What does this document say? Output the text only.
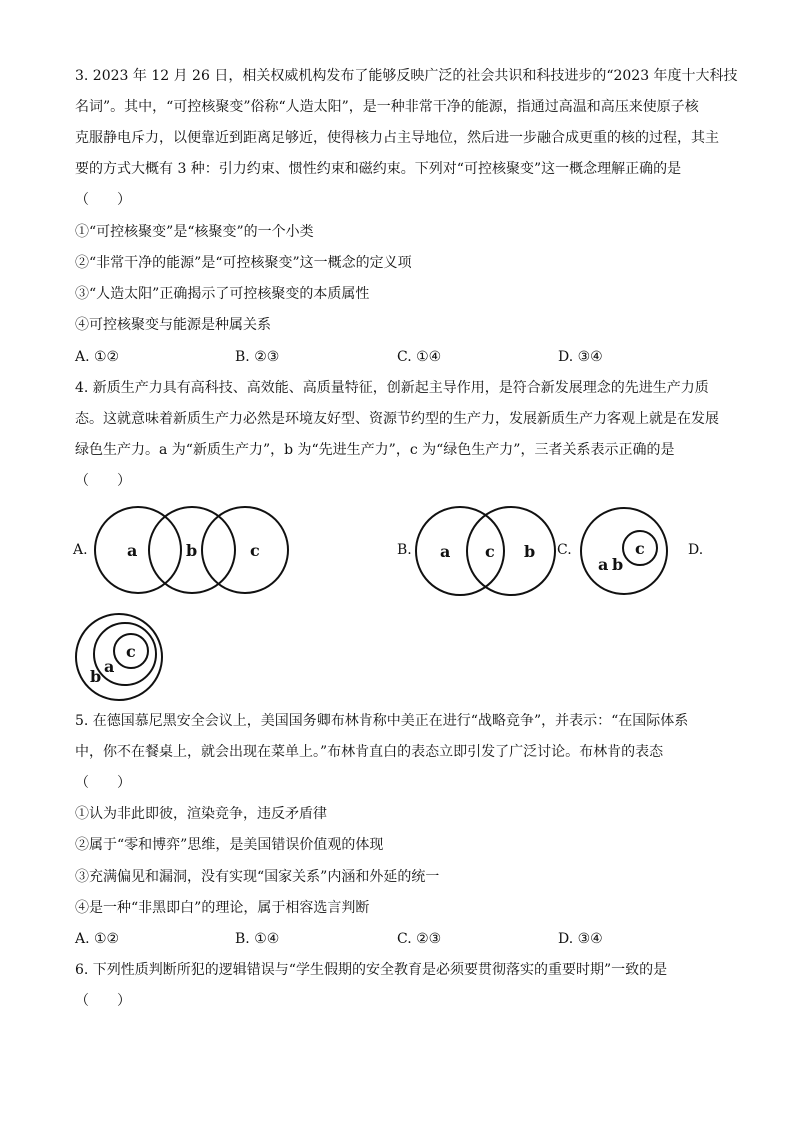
3. 2023 年 12 月 26 日，相关权威机构发布了能够反映广泛的社会共识和科技进步的“2023 年度十大科技
名词”。其中，“可控核聚变”俗称“人造太阳”，是一种非常干净的能源，指通过高温和高压来使原子核
克服静电斥力，以便靠近到距离足够近，使得核力占主导地位，然后进一步融合成更重的核的过程，其主
要的方式大概有 3 种：引力约束、惯性约束和磁约束。下列对“可控核聚变”这一概念理解正确的是
（　　）
①“可控核聚变”是“核聚变”的一个小类
②“非常干净的能源”是“可控核聚变”这一概念的定义项
③“人造太阳”正确揭示了可控核聚变的本质属性
④可控核聚变与能源是种属关系
A. ①②	B. ②③	C. ①④	D. ③④
4. 新质生产力具有高科技、高效能、高质量特征，创新起主导作用，是符合新发展理念的先进生产力质
态。这就意味着新质生产力必然是环境友好型、资源节约型的生产力，发展新质生产力客观上就是在发展
绿色生产力。a 为“新质生产力”，b 为“先进生产力”，c 为“绿色生产力”，三者关系表示正确的是
（　　）
A. a	b	c	B. a c b C.	c
a b
D.
c
a
b
5. 在德国慕尼黑安全会议上，美国国务卿布林肯称中美正在进行“战略竞争”，并表示：“在国际体系
中，你不在餐桌上，就会出现在菜单上。”布林肯直白的表态立即引发了广泛讨论。布林肯的表态
（　　）
①认为非此即彼，渲染竞争，违反矛盾律
②属于“零和博弈”思维，是美国错误价值观的体现
③充满偏见和漏洞，没有实现“国家关系”内涵和外延的统一
④是一种“非黑即白”的理论，属于相容选言判断
A. ①②	B. ①④	C. ②③	D. ③④
6. 下列性质判断所犯的逻辑错误与“学生假期的安全教育是必须要贯彻落实的重要时期”一致的是
（　　）
